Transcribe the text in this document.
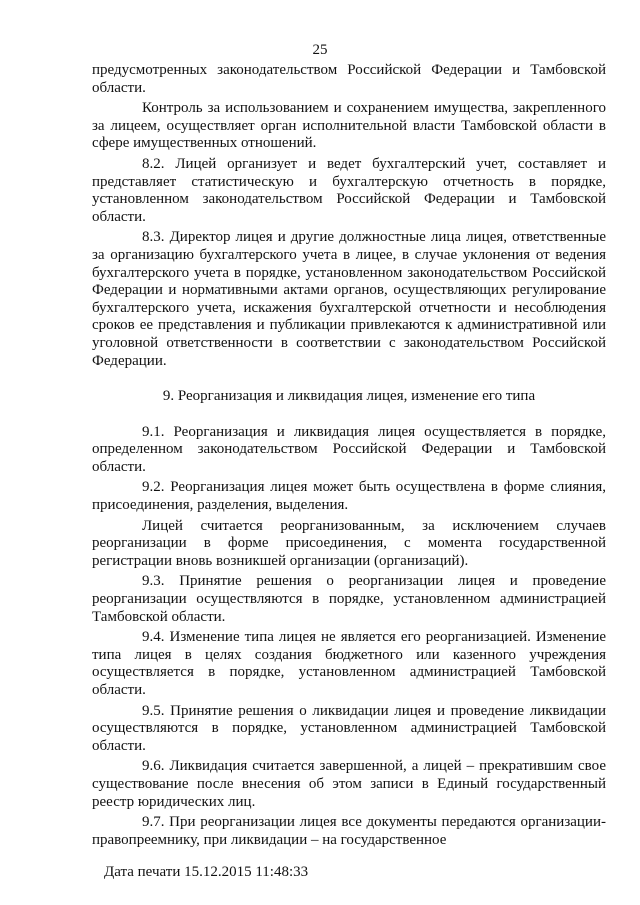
25

предусмотренных законодательством Российской Федерации и Тамбовской области.

Контроль за использованием и сохранением имущества, закрепленного за лицеем, осуществляет орган исполнительной власти Тамбовской области в сфере имущественных отношений.

8.2. Лицей организует и ведет бухгалтерский учет, составляет и представляет статистическую и бухгалтерскую отчетность в порядке, установленном законодательством Российской Федерации и Тамбовской области.

8.3. Директор лицея и другие должностные лица лицея, ответственные за организацию бухгалтерского учета в лицее, в случае уклонения от ведения бухгалтерского учета в порядке, установленном законодательством Российской Федерации и нормативными актами органов, осуществляющих регулирование бухгалтерского учета, искажения бухгалтерской отчетности и несоблюдения сроков ее представления и публикации привлекаются к административной или уголовной ответственности в соответствии с законодательством Российской Федерации.

9. Реорганизация и ликвидация лицея, изменение его типа

9.1. Реорганизация и ликвидация лицея осуществляется в порядке, определенном законодательством Российской Федерации и Тамбовской области.

9.2. Реорганизация лицея может быть осуществлена в форме слияния, присоединения, разделения, выделения.

Лицей считается реорганизованным, за исключением случаев реорганизации в форме присоединения, с момента государственной регистрации вновь возникшей организации (организаций).

9.3. Принятие решения о реорганизации лицея и проведение реорганизации осуществляются в порядке, установленном администрацией Тамбовской области.

9.4. Изменение типа лицея не является его реорганизацией. Изменение типа лицея в целях создания бюджетного или казенного учреждения осуществляется в порядке, установленном администрацией Тамбовской области.

9.5. Принятие решения о ликвидации лицея и проведение ликвидации осуществляются в порядке, установленном администрацией Тамбовской области.

9.6. Ликвидация считается завершенной, а лицей – прекратившим свое существование после внесения об этом записи в Единый государственный реестр юридических лиц.

9.7. При реорганизации лицея все документы передаются организации-правопреемнику, при ликвидации – на государственное

Дата печати 15.12.2015 11:48:33
